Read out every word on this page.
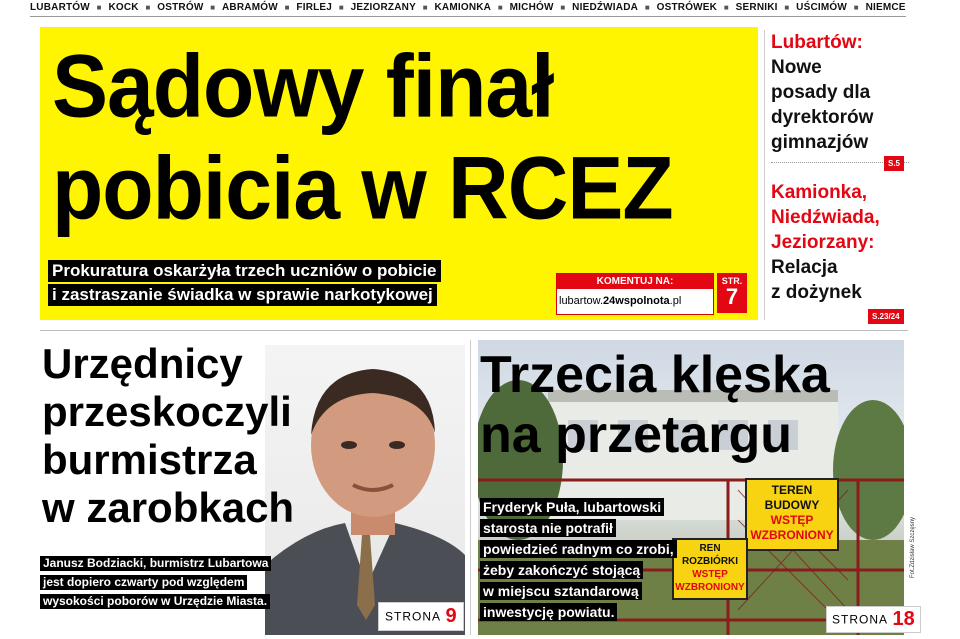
LUBARTÓW ■ KOCK ■ OSTRÓW ■ ABRAMÓW ■ FIRLEJ ■ JEZIORZANY ■ KAMIONKA ■ MICHÓW ■ NIEDŹWIADA ■ OSTRÓWEK ■ SERNIKI ■ UŚCIMÓW ■ NIEMCE
Sądowy finał
pobicia w RCEZ
Prokuratura oskarżyła trzech uczniów o pobicie
i zastraszanie świadka w sprawie narkotykowej
KOMENTUJ NA:
lubartow.24wspolnota.pl
STR.
7
Lubartów:
Nowe
posady dla
dyrektorów
gimnazjów
S.5
Kamionka,
Niedźwiada,
Jeziorzany:
Relacja
z dożynek
S.23/24
Urzędnicy
przeskoczyli
burmistrza
w zarobkach
Janusz Bodziacki, burmistrz Lubartowa
jest dopiero czwarty pod względem
wysokości poborów w Urzędzie Miasta.
STRONA 9
Trzecia klęska
na przetargu
TEREN
BUDOWY
WSTĘP
WZBRONIONY
REN
ROZBIÓRKI
WSTĘP
WZBRONIONY
Fryderyk Puła, lubartowski
starosta nie potrafił
powiedzieć radnym co zrobi,
żeby zakończyć stojącą
w miejscu sztandarową
inwestycję powiatu.	STRONA 18
Fot.Zdzisław Szczęsny
